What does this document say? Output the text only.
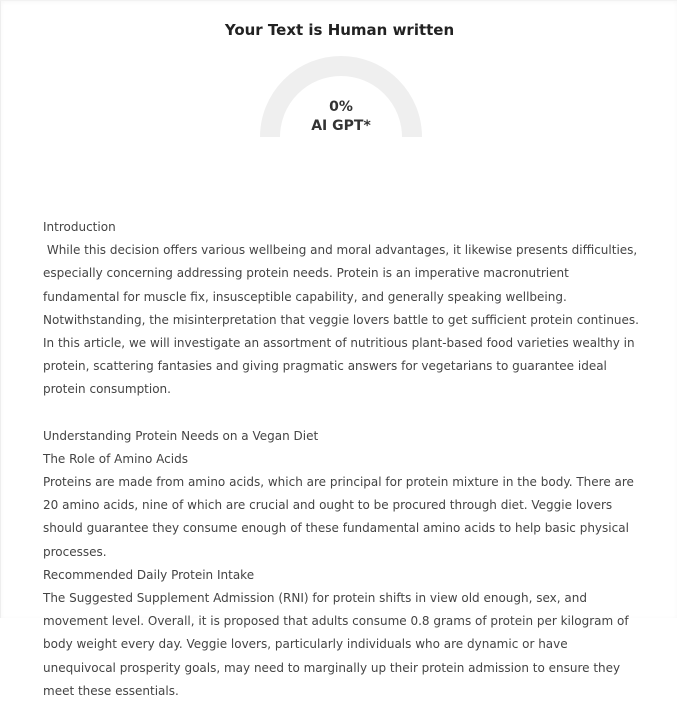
Your Text is Human written
0%
AI GPT*

Introduction

While this decision offers various wellbeing and moral advantages, it likewise presents difficulties, especially concerning addressing protein needs. Protein is an imperative macronutrient fundamental for muscle fix, insusceptible capability, and generally speaking wellbeing. Notwithstanding, the misinterpretation that veggie lovers battle to get sufficient protein continues. In this article, we will investigate an assortment of nutritious plant-based food varieties wealthy in protein, scattering fantasies and giving pragmatic answers for vegetarians to guarantee ideal protein consumption.

Understanding Protein Needs on a Vegan Diet

The Role of Amino Acids

Proteins are made from amino acids, which are principal for protein mixture in the body. There are 20 amino acids, nine of which are crucial and ought to be procured through diet. Veggie lovers should guarantee they consume enough of these fundamental amino acids to help basic physical processes.

Recommended Daily Protein Intake

The Suggested Supplement Admission (RNI) for protein shifts in view old enough, sex, and movement level. Overall, it is proposed that adults consume 0.8 grams of protein per kilogram of body weight every day. Veggie lovers, particularly individuals who are dynamic or have unequivocal prosperity goals, may need to marginally up their protein admission to ensure they meet these essentials.
